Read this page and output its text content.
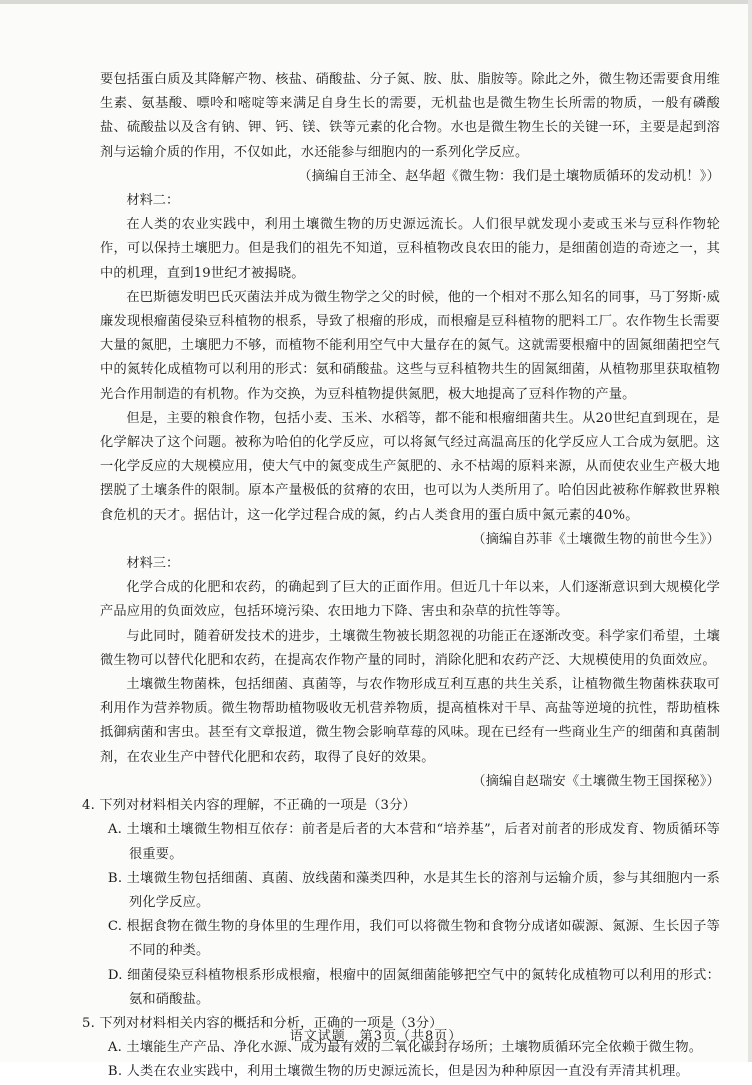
要包括蛋白质及其降解产物、核盐、硝酸盐、分子氮、胺、肽、脂胺等。除此之外，微生物还需要食用维生素、氨基酸、嘌呤和嘧啶等来满足自身生长的需要，无机盐也是微生物生长所需的物质，一般有磷酸盐、硫酸盐以及含有钠、钾、钙、镁、铁等元素的化合物。水也是微生物生长的关键一环，主要是起到溶剂与运输介质的作用，不仅如此，水还能参与细胞内的一系列化学反应。

（摘编自王沛全、赵华超《微生物：我们是土壤物质循环的发动机！》）

材料二：

在人类的农业实践中，利用土壤微生物的历史源远流长。人们很早就发现小麦或玉米与豆科作物轮作，可以保持土壤肥力。但是我们的祖先不知道，豆科植物改良农田的能力，是细菌创造的奇迹之一，其中的机理，直到19世纪才被揭晓。

在巴斯德发明巴氏灭菌法并成为微生物学之父的时候，他的一个相对不那么知名的同事，马丁努斯·威廉发现根瘤菌侵染豆科植物的根系，导致了根瘤的形成，而根瘤是豆科植物的肥料工厂。农作物生长需要大量的氮肥，土壤肥力不够，而植物不能利用空气中大量存在的氮气。这就需要根瘤中的固氮细菌把空气中的氮转化成植物可以利用的形式：氨和硝酸盐。这些与豆科植物共生的固氮细菌，从植物那里获取植物光合作用制造的有机物。作为交换，为豆科植物提供氮肥，极大地提高了豆科作物的产量。

但是，主要的粮食作物，包括小麦、玉米、水稻等，都不能和根瘤细菌共生。从20世纪直到现在，是化学解决了这个问题。被称为哈伯的化学反应，可以将氮气经过高温高压的化学反应人工合成为氨肥。这一化学反应的大规模应用，使大气中的氮变成生产氮肥的、永不枯竭的原料来源，从而使农业生产极大地摆脱了土壤条件的限制。原本产量极低的贫瘠的农田，也可以为人类所用了。哈伯因此被称作解救世界粮食危机的天才。据估计，这一化学过程合成的氮，约占人类食用的蛋白质中氮元素的40%。

（摘编自苏菲《土壤微生物的前世今生》）

材料三：

化学合成的化肥和农药，的确起到了巨大的正面作用。但近几十年以来，人们逐渐意识到大规模化学产品应用的负面效应，包括环境污染、农田地力下降、害虫和杂草的抗性等等。

与此同时，随着研发技术的进步，土壤微生物被长期忽视的功能正在逐渐改变。科学家们希望，土壤微生物可以替代化肥和农药，在提高农作物产量的同时，消除化肥和农药产泛、大规模使用的负面效应。

土壤微生物菌株，包括细菌、真菌等，与农作物形成互利互惠的共生关系，让植物微生物菌株获取可利用作为营养物质。微生物帮助植物吸收无机营养物质，提高植株对干旱、高盐等逆境的抗性，帮助植株抵御病菌和害虫。甚至有文章报道，微生物会影响草莓的风味。现在已经有一些商业生产的细菌和真菌制剂，在农业生产中替代化肥和农药，取得了良好的效果。

（摘编自赵瑞安《土壤微生物王国探秘》）

4. 下列对材料相关内容的理解，不正确的一项是（3分）

A. 土壤和土壤微生物相互依存：前者是后者的大本营和“培养基”，后者对前者的形成发育、物质循环等很重要。

B. 土壤微生物包括细菌、真菌、放线菌和藻类四种，水是其生长的溶剂与运输介质，参与其细胞内一系列化学反应。

C. 根据食物在微生物的身体里的生理作用，我们可以将微生物和食物分成诸如碳源、氮源、生长因子等不同的种类。

D. 细菌侵染豆科植物根系形成根瘤，根瘤中的固氮细菌能够把空气中的氮转化成植物可以利用的形式：氨和硝酸盐。

5. 下列对材料相关内容的概括和分析，正确的一项是（3分）

A. 土壤能生产产品、净化水源、成为最有效的二氧化碳封存场所；土壤物质循环完全依赖于微生物。

B. 人类在农业实践中，利用土壤微生物的历史源远流长，但是因为种种原因一直没有弄清其机理。

语文试题　第3页（共8页）
